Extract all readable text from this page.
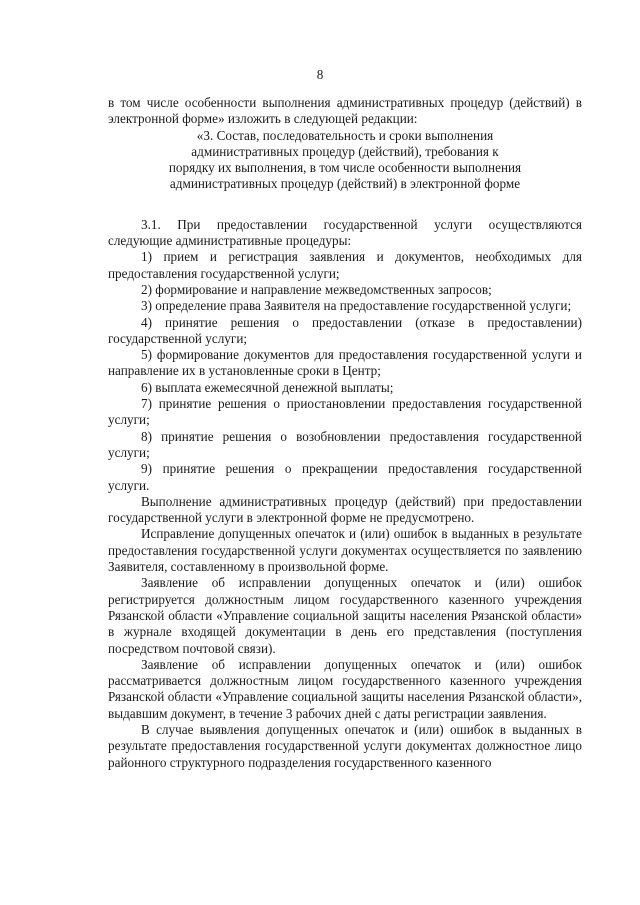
8

в том числе особенности выполнения административных процедур (действий) в электронной форме» изложить в следующей редакции:

«3. Состав, последовательность и сроки выполнения
административных процедур (действий), требования к
порядку их выполнения, в том числе особенности выполнения
административных процедур (действий) в электронной форме

3.1. При предоставлении государственной услуги осуществляются следующие административные процедуры:

1) прием и регистрация заявления и документов, необходимых для предоставления государственной услуги;

2) формирование и направление межведомственных запросов;

3) определение права Заявителя на предоставление государственной услуги;

4) принятие решения о предоставлении (отказе в предоставлении) государственной услуги;

5) формирование документов для предоставления государственной услуги и направление их в установленные сроки в Центр;

6) выплата ежемесячной денежной выплаты;

7) принятие решения о приостановлении предоставления государственной услуги;

8) принятие решения о возобновлении предоставления государственной услуги;

9) принятие решения о прекращении предоставления государственной услуги.

Выполнение административных процедур (действий) при предоставлении государственной услуги в электронной форме не предусмотрено.

Исправление допущенных опечаток и (или) ошибок в выданных в результате предоставления государственной услуги документах осуществляется по заявлению Заявителя, составленному в произвольной форме.

Заявление об исправлении допущенных опечаток и (или) ошибок регистрируется должностным лицом государственного казенного учреждения Рязанской области «Управление социальной защиты населения Рязанской области» в журнале входящей документации в день его представления (поступления посредством почтовой связи).

Заявление об исправлении допущенных опечаток и (или) ошибок рассматривается должностным лицом государственного казенного учреждения Рязанской области «Управление социальной защиты населения Рязанской области», выдавшим документ, в течение 3 рабочих дней с даты регистрации заявления.

В случае выявления допущенных опечаток и (или) ошибок в выданных в результате предоставления государственной услуги документах должностное лицо районного структурного подразделения государственного казенного
